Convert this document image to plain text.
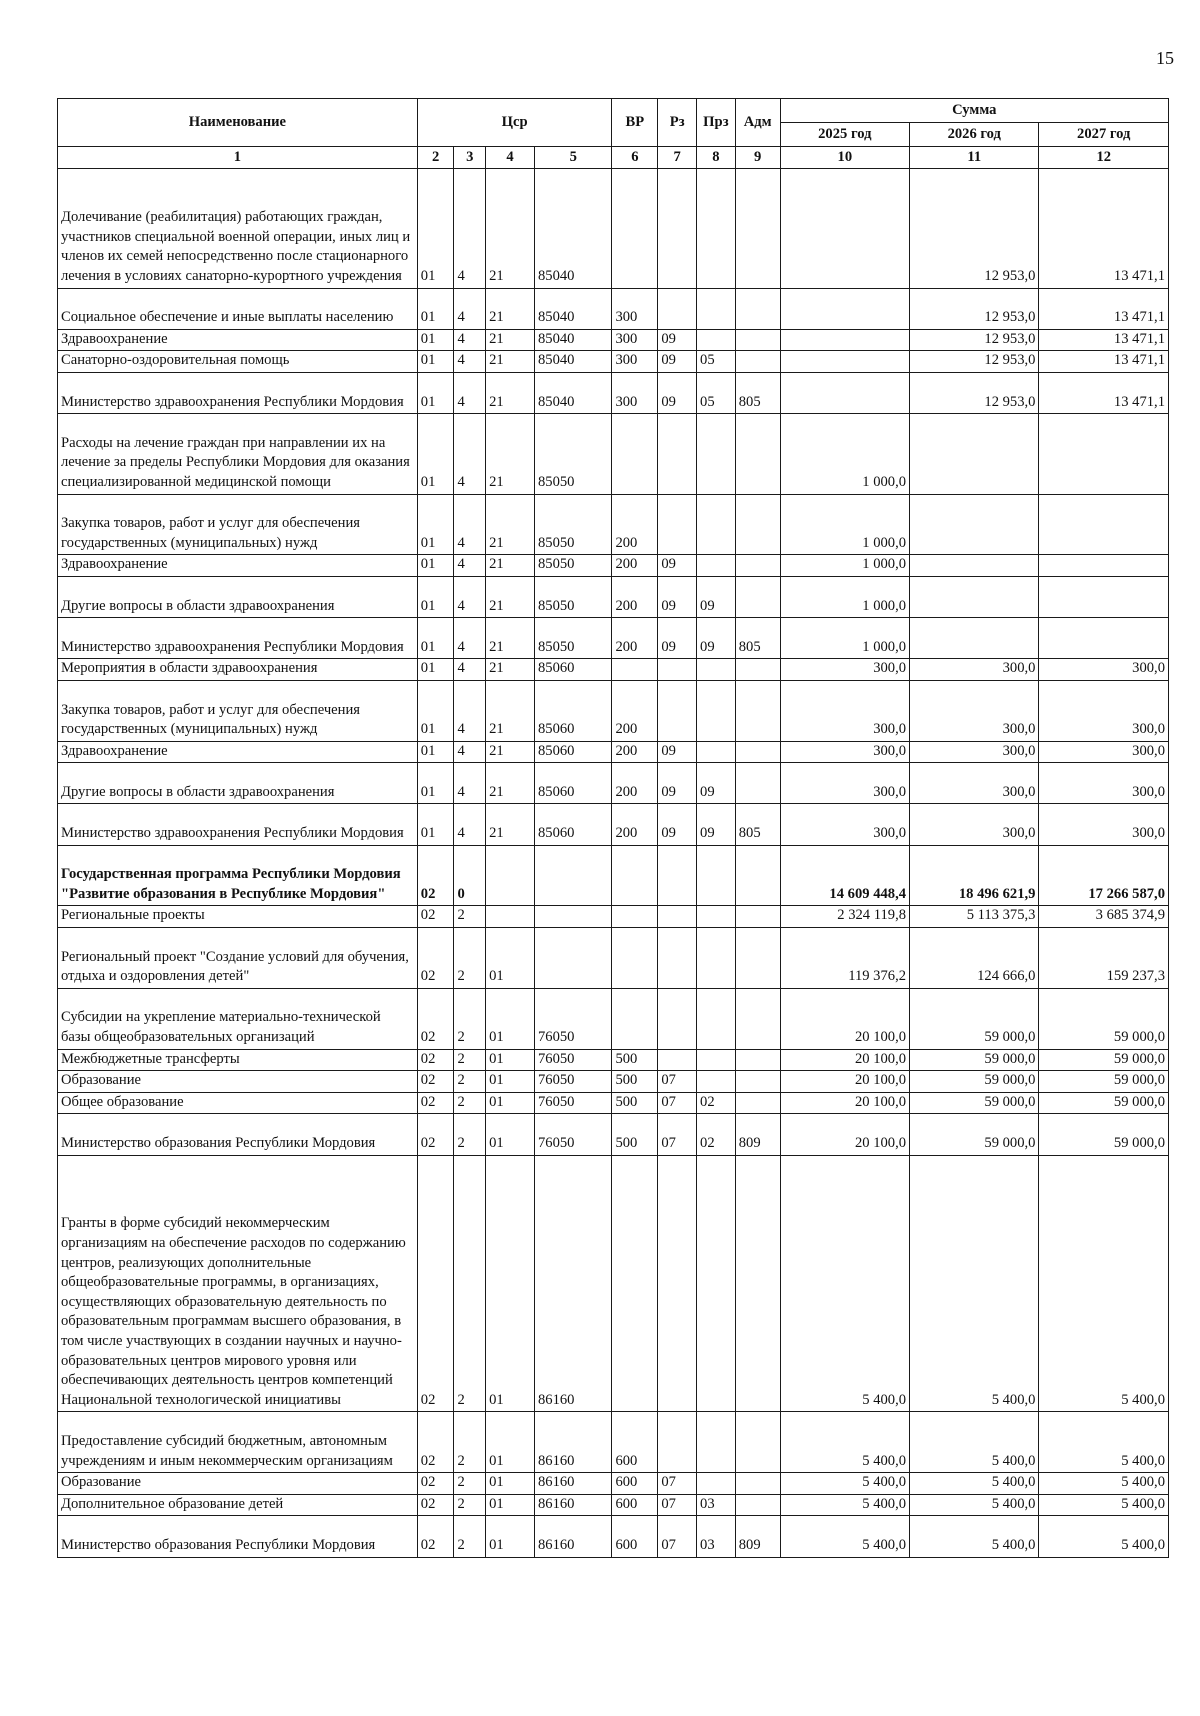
15
Наименование	Цср				ВР	Рз	Прз	Адм	Сумма		
									2025 год	2026 год	2027 год
1	2	3	4	5	6	7	8	9	10	11	12
Долечивание (реабилитация) работающих граждан, участников специальной военной операции, иных лиц и членов их семей непосредственно после стационарного лечения в условиях санаторно-курортного учреждения	01	4	21	85040						12 953,0	13 471,1
Социальное обеспечение и иные выплаты населению	01	4	21	85040	300					12 953,0	13 471,1
Здравоохранение	01	4	21	85040	300	09				12 953,0	13 471,1
Санаторно-оздоровительная помощь	01	4	21	85040	300	09	05			12 953,0	13 471,1
Министерство здравоохранения Республики Мордовия	01	4	21	85040	300	09	05	805		12 953,0	13 471,1
Расходы на лечение граждан при направлении их на лечение за пределы Республики Мордовия для оказания специализированной медицинской помощи	01	4	21	85050					1 000,0		
Закупка товаров, работ и услуг для обеспечения государственных (муниципальных) нужд	01	4	21	85050	200				1 000,0		
Здравоохранение	01	4	21	85050	200	09			1 000,0		
Другие вопросы в области здравоохранения	01	4	21	85050	200	09	09		1 000,0		
Министерство здравоохранения Республики Мордовия	01	4	21	85050	200	09	09	805	1 000,0		
Мероприятия в области здравоохранения	01	4	21	85060					300,0	300,0	300,0
Закупка товаров, работ и услуг для обеспечения государственных (муниципальных) нужд	01	4	21	85060	200				300,0	300,0	300,0
Здравоохранение	01	4	21	85060	200	09			300,0	300,0	300,0
Другие вопросы в области здравоохранения	01	4	21	85060	200	09	09		300,0	300,0	300,0
Министерство здравоохранения Республики Мордовия	01	4	21	85060	200	09	09	805	300,0	300,0	300,0
Государственная программа Республики Мордовия "Развитие образования в Республике Мордовия"	02	0							14 609 448,4	18 496 621,9	17 266 587,0
Региональные проекты	02	2							2 324 119,8	5 113 375,3	3 685 374,9
Региональный проект "Создание условий для обучения, отдыха и оздоровления детей"	02	2	01						119 376,2	124 666,0	159 237,3
Субсидии на укрепление материально-технической базы общеобразовательных организаций	02	2	01	76050					20 100,0	59 000,0	59 000,0
Межбюджетные трансферты	02	2	01	76050	500				20 100,0	59 000,0	59 000,0
Образование	02	2	01	76050	500	07			20 100,0	59 000,0	59 000,0
Общее образование	02	2	01	76050	500	07	02		20 100,0	59 000,0	59 000,0
Министерство образования Республики Мордовия	02	2	01	76050	500	07	02	809	20 100,0	59 000,0	59 000,0
Гранты в форме субсидий некоммерческим организациям на обеспечение расходов по содержанию центров, реализующих дополнительные общеобразовательные программы, в организациях, осуществляющих образовательную деятельность по образовательным программам высшего образования, в том числе участвующих в создании научных и научно-образовательных центров мирового уровня или обеспечивающих деятельность центров компетенций Национальной технологической инициативы	02	2	01	86160					5 400,0	5 400,0	5 400,0
Предоставление субсидий бюджетным, автономным учреждениям и иным некоммерческим организациям	02	2	01	86160	600				5 400,0	5 400,0	5 400,0
Образование	02	2	01	86160	600	07			5 400,0	5 400,0	5 400,0
Дополнительное образование детей	02	2	01	86160	600	07	03		5 400,0	5 400,0	5 400,0
Министерство образования Республики Мордовия	02	2	01	86160	600	07	03	809	5 400,0	5 400,0	5 400,0
